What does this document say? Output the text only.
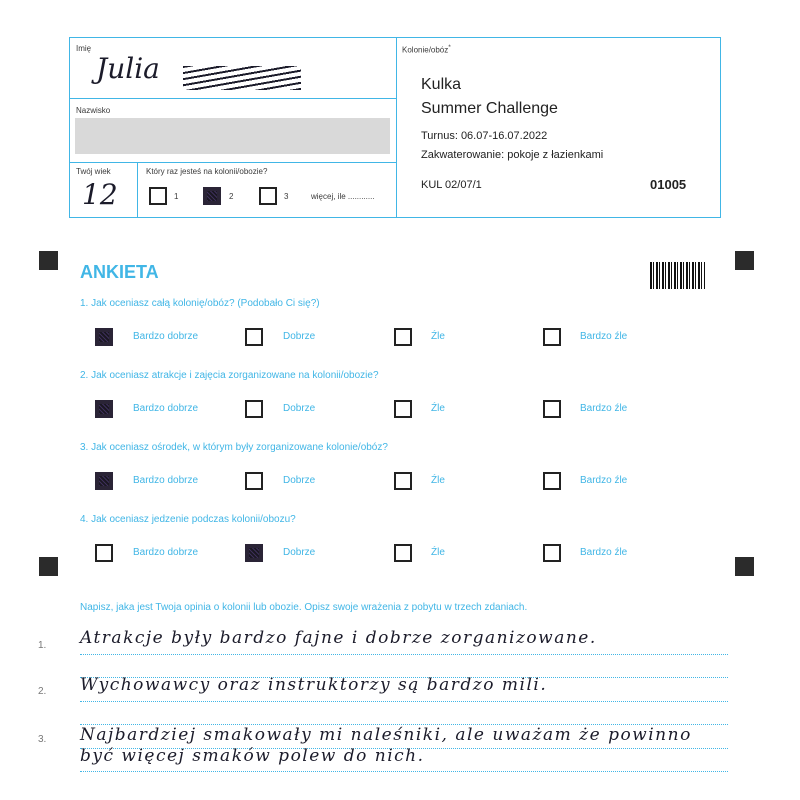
Imię
Julia
Nazwisko
Twój wiek
12
Który raz jesteś na kolonii/obozie?
1	2	3	więcej, ile ............
Kolonie/obóz*
Kulka
Summer Challenge
Turnus: 06.07-16.07.2022
Zakwaterowanie: pokoje z łazienkami
KUL 02/07/1	01005
ANKIETA
1. Jak oceniasz całą kolonię/obóz? (Podobało Ci się?)
Bardzo dobrze	Dobrze	Źle	Bardzo źle
2. Jak oceniasz atrakcje i zajęcia zorganizowane na kolonii/obozie?
Bardzo dobrze	Dobrze	Źle	Bardzo źle
3. Jak oceniasz ośrodek, w którym były zorganizowane kolonie/obóz?
Bardzo dobrze	Dobrze	Źle	Bardzo źle
4. Jak oceniasz jedzenie podczas kolonii/obozu?
Bardzo dobrze	Dobrze	Źle	Bardzo źle
Napisz, jaka jest Twoja opinia o kolonii lub obozie. Opisz swoje wrażenia z pobytu w trzech zdaniach.
1.
2.
3.
Atrakcje były bardzo fajne i dobrze zorganizowane.
Wychowawcy oraz instruktorzy są bardzo mili.
Najbardziej smakowały mi naleśniki, ale uważam że powinno
być więcej smaków polew do nich.
